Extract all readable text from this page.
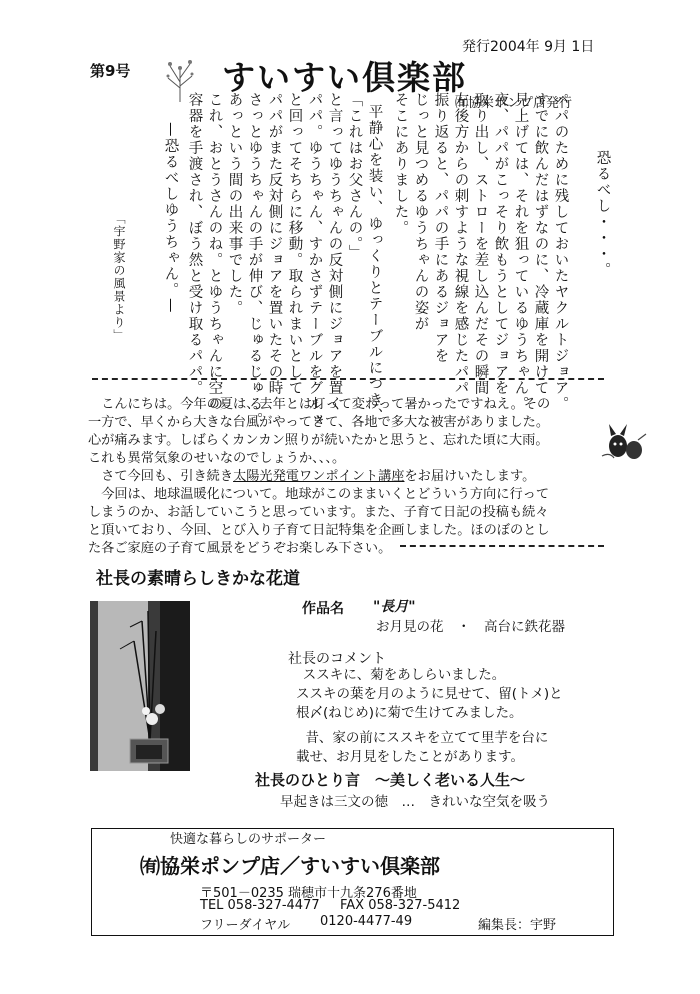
第9号	すいすい倶楽部
発行2004年 9月 1日
㈲協栄ポンプ店発行
恐るべし・・・。
パパのために残しておいたヤクルトジョア。
すでに飲んだはずなのに、冷蔵庫を開けて
見上げては、それを狙っているゆうちゃん。
夜、パパがこっそり飲もうとしてジョアを
取り出し、ストローを差し込んだその瞬間
左後方からの刺すような視線を感じたパパ
振り返ると、パパの手にあるジョアを
じっと見つめるゆうちゃんの姿が
そこにありました。
平静心を装い、ゆっくりとテーブルにつき、
「これはお父さんの。」
と言ってゆうちゃんの反対側にジョアを置く
パパ。ゆうちゃん、すかさずテーブルをグルッ
と回ってそちらに移動。取られまいとして
パパがまた反対側にジョアを置いたその時
さっとゆうちゃんの手が伸び、じゅるじゅる。
あっという間の出来事でした。
これ、おとうさんのね。とゆうちゃんに空の
容器を手渡され、ぼう然と受け取るパパ。
—恐るべしゆうちゃん。—
「宇野家の風景より」

こんにちは。今年の夏は、去年とは打って変わって暑かったですねえ。その一方で、早くから大きな台風がやってきて、各地で多大な被害がありました。心が痛みます。しばらくカンカン照りが続いたかと思うと、忘れた頃に大雨。これも異常気象のせいなのでしょうか、、、。

さて今回も、引き続き太陽光発電ワンポイント講座をお届けいたします。

今回は、地球温暖化について。地球がこのままいくとどういう方向に行ってしまうのか、お話していこうと思っています。また、子育て日記の投稿も続々と頂いており、今回、とび入り子育て日記特集を企画しました。ほのぼのとした各ご家庭の子育て風景をどうぞお楽しみ下さい。

社長の素晴らしきかな花道
作品名 "長月"
お月見の花　・　高台に鉄花器
社長のコメント

ススキに、菊をあしらいました。

ススキの葉を月のように見せて、留(トメ)と

根〆(ねじめ)に菊で生けてみました。

昔、家の前にススキを立てて里芋を台に

載せ、お月見をしたことがあります。

社長のひとり言　～美しく老いる人生～
早起きは三文の徳　…　きれいな空気を吸う
快適な暮らしのサポーター
㈲協栄ポンプ店／すいすい倶楽部
〒501－0235 瑞穂市十九条276番地
TEL 058-327-4477 FAX 058-327-5412
フリーダイヤル 0120-4477-49	編集長：宇野
